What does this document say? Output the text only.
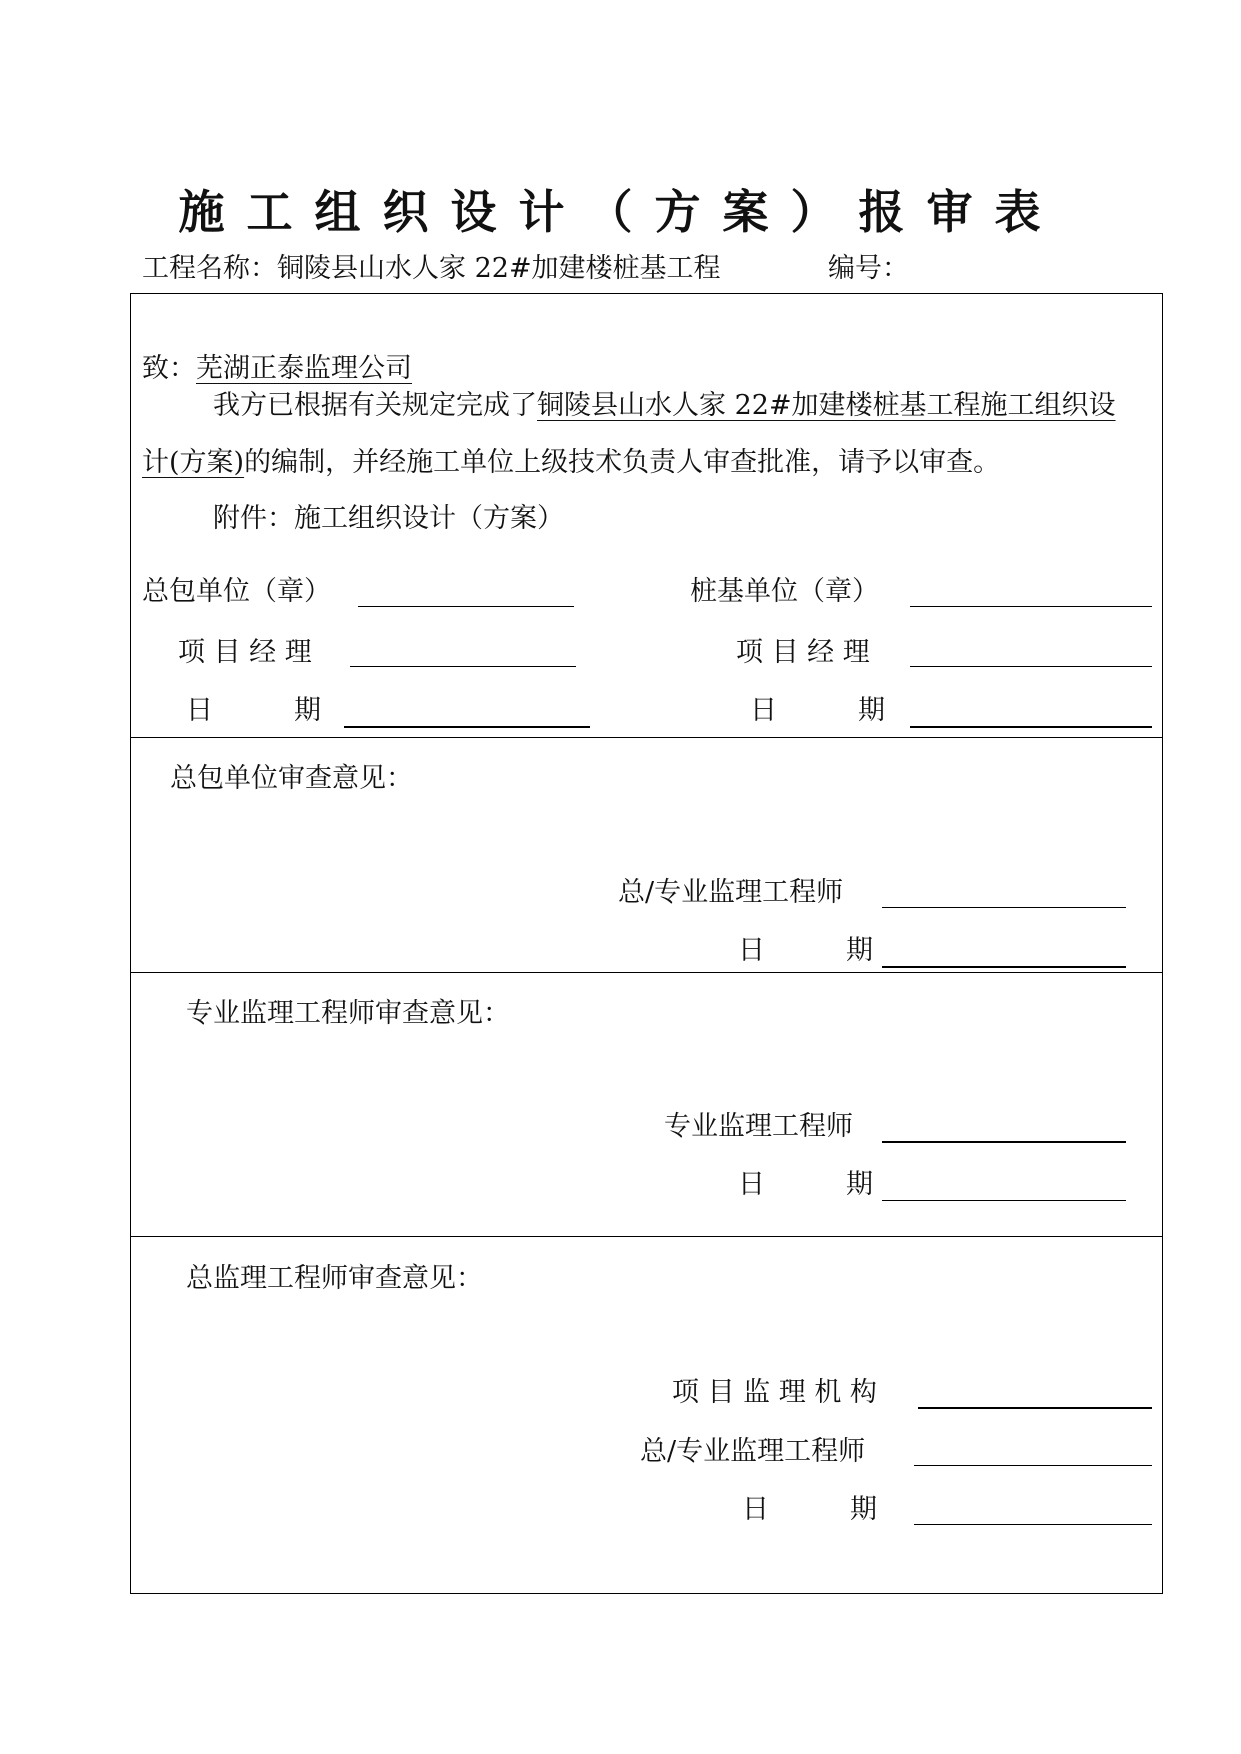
施工组织设计（方案）报审表
工程名称：铜陵县山水人家 22#加建楼桩基工程	编号：
致：芜湖正泰监理公司
我方已根据有关规定完成了铜陵县山水人家 22#加建楼桩基工程施工组织设
计(方案)的编制，并经施工单位上级技术负责人审查批准，请予以审查。
附件：施工组织设计（方案）
总包单位（章）	桩基单位（章）
项 目 经 理	项 目 经 理
日　　　期	日　　　期
总包单位审查意见：
总/专业监理工程师
日　　　期
专业监理工程师审查意见：
专业监理工程师
日　　　期
总监理工程师审查意见：
项 目 监 理 机 构
总/专业监理工程师
日　　　期
